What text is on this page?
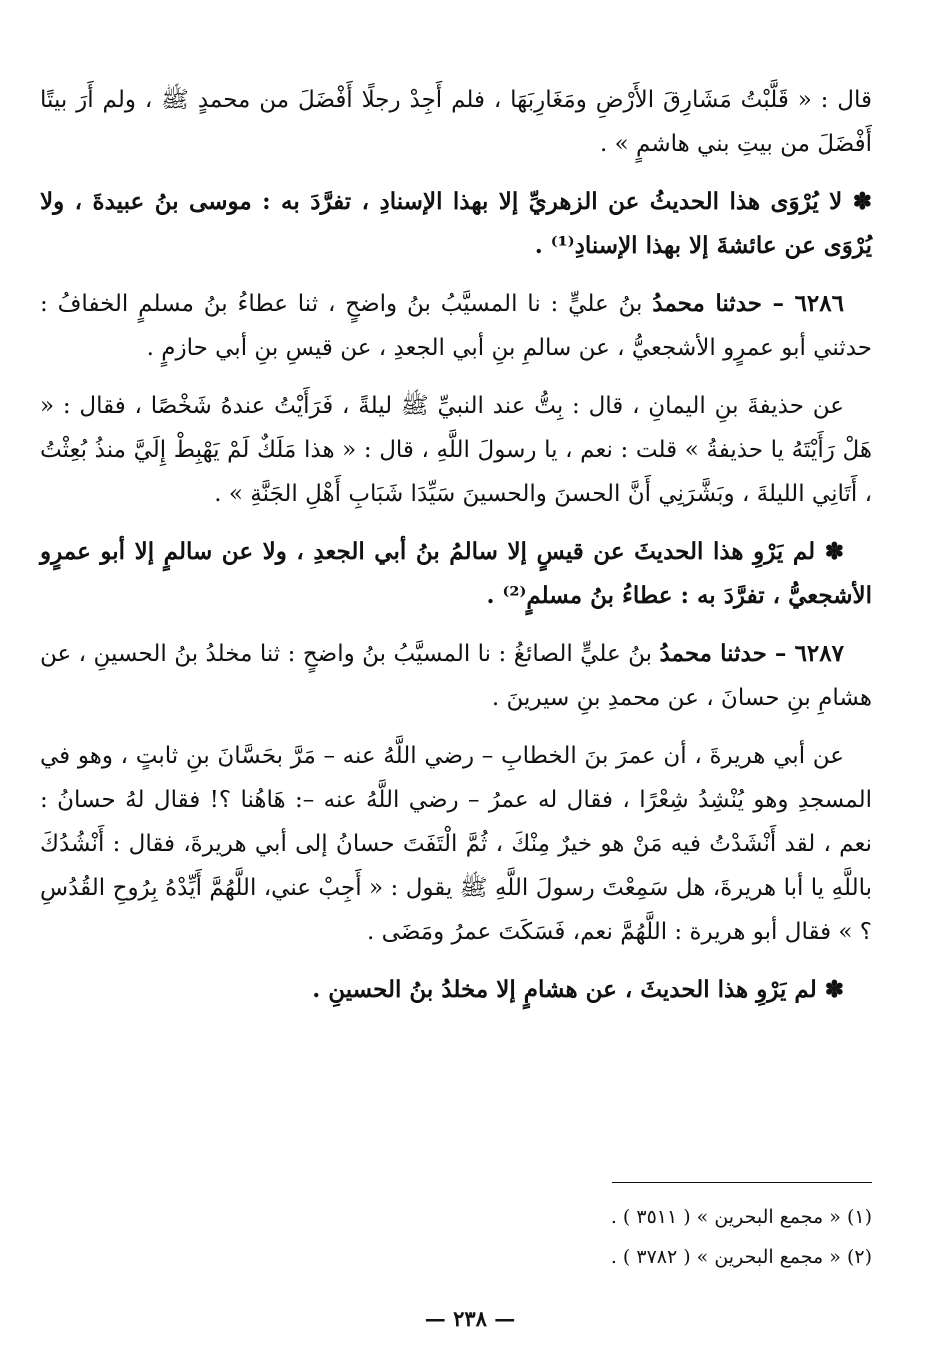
قال : « قَلَّبْتُ مَشَارِقَ الأَرْضِ ومَغَارِبَهَا ، فلم أَجِدْ رجلًا أَفْضَلَ من محمدٍ ﷺ ، ولم أَرَ بيتًا أَفْضَلَ من بيتِ بني هاشمٍ » .

✽ لا يُرْوَى هذا الحديثُ عن الزهريِّ إلا بهذا الإسنادِ ، تفرَّدَ به : موسى بنُ عبيدةَ ، ولا يُرْوَى عن عائشةَ إلا بهذا الإسنادِ⁽¹⁾ .

٦٢٨٦ – حدثنا محمدُ بنُ عليٍّ : نا المسيَّبُ بنُ واضحٍ ، ثنا عطاءُ بنُ مسلمٍ الخفافُ : حدثني أبو عمرٍو الأشجعيُّ ، عن سالمِ بنِ أبي الجعدِ ، عن قيسِ بنِ أبي حازمٍ .

عن حذيفةَ بنِ اليمانِ ، قال : بِتُّ عند النبيِّ ﷺ ليلةً ، فَرَأَيْتُ عندهُ شَخْصًا ، فقال : « هَلْ رَأَيْتَهُ يا حذيفةُ » قلت : نعم ، يا رسولَ اللَّهِ ، قال : « هذا مَلَكٌ لَمْ يَهْبِطْ إِلَيَّ منذُ بُعِثْتُ ، أَتَانِي الليلةَ ، وبَشَّرَنِي أَنَّ الحسنَ والحسينَ سَيِّدَا شَبَابِ أَهْلِ الجَنَّةِ » .

✽ لم يَرْوِ هذا الحديثَ عن قيسٍ إلا سالمُ بنُ أبي الجعدِ ، ولا عن سالمٍ إلا أبو عمرٍو الأشجعيُّ ، تفرَّدَ به : عطاءُ بنُ مسلمٍ⁽²⁾ .

٦٢٨٧ – حدثنا محمدُ بنُ عليٍّ الصائغُ : نا المسيَّبُ بنُ واضحٍ : ثنا مخلدُ بنُ الحسينِ ، عن هشامِ بنِ حسانَ ، عن محمدِ بنِ سيرينَ .

عن أبي هريرةَ ، أن عمرَ بنَ الخطابِ – رضي اللَّهُ عنه – مَرَّ بحَسَّانَ بنِ ثابتٍ ، وهو في المسجدِ وهو يُنْشِدُ شِعْرًا ، فقال له عمرُ – رضي اللَّهُ عنه –: هَاهُنا ؟! فقال لهُ حسانُ : نعم ، لقد أَنْشَدْتُ فيه مَنْ هو خيرٌ مِنْكَ ، ثُمَّ الْتَفَتَ حسانُ إلى أبي هريرةَ، فقال : أَنْشُدُكَ باللَّهِ يا أبا هريرةَ، هل سَمِعْتَ رسولَ اللَّهِ ﷺ يقول : « أَجِبْ عني، اللَّهُمَّ أَيِّدْهُ بِرُوحِ القُدُسِ ؟ » فقال أبو هريرة : اللَّهُمَّ نعم، فَسَكَتَ عمرُ ومَضَى .

✽ لم يَرْوِ هذا الحديثَ ، عن هشامٍ إلا مخلدُ بنُ الحسينِ .

(١) « مجمع البحرين » ( ٣٥١١ ) .

(٢) « مجمع البحرين » ( ٣٧٨٢ ) .

— ٢٣٨ —
